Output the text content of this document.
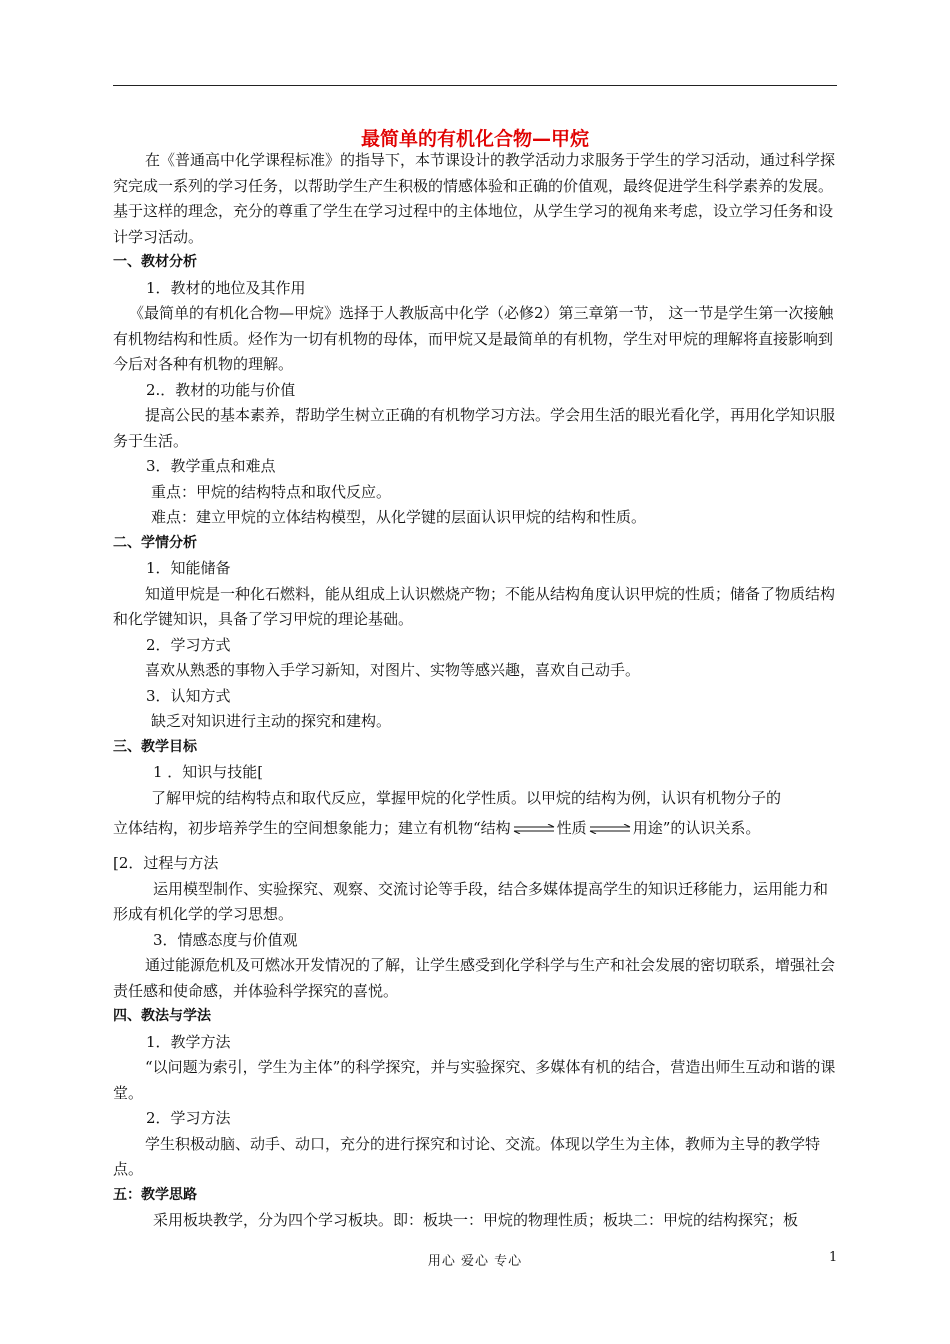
最简单的有机化合物—甲烷

在《普通高中化学课程标准》的指导下，本节课设计的教学活动力求服务于学生的学习活动，通过科学探究完成一系列的学习任务，以帮助学生产生积极的情感体验和正确的价值观，最终促进学生科学素养的发展。基于这样的理念，充分的尊重了学生在学习过程中的主体地位，从学生学习的视角来考虑，设立学习任务和设计学习活动。

一、教材分析

1．教材的地位及其作用

《最简单的有机化合物—甲烷》选择于人教版高中化学（必修2）第三章第一节， 这一节是学生第一次接触有机物结构和性质。烃作为一切有机物的母体，而甲烷又是最简单的有机物，学生对甲烷的理解将直接影响到今后对各种有机物的理解。

2.．教材的功能与价值

提高公民的基本素养，帮助学生树立正确的有机物学习方法。学会用生活的眼光看化学，再用化学知识服务于生活。

3．教学重点和难点

重点：甲烷的结构特点和取代反应。

难点：建立甲烷的立体结构模型，从化学键的层面认识甲烷的结构和性质。

二、学情分析

1．知能储备

知道甲烷是一种化石燃料，能从组成上认识燃烧产物；不能从结构角度认识甲烷的性质；储备了物质结构和化学键知识，具备了学习甲烷的理论基础。

2．学习方式

喜欢从熟悉的事物入手学习新知，对图片、实物等感兴趣，喜欢自己动手。

3．认知方式

缺乏对知识进行主动的探究和建构。

三、教学目标

1 ．知识与技能[

了解甲烷的结构特点和取代反应，掌握甲烷的化学性质。以甲烷的结构为例，认识有机物分子的

立体结构，初步培养学生的空间想象能力；建立有机物“结构⇌性质⇌用途”的认识关系。

[2．过程与方法

运用模型制作、实验探究、观察、交流讨论等手段，结合多媒体提高学生的知识迁移能力，运用能力和形成有机化学的学习思想。

3．情感态度与价值观

通过能源危机及可燃冰开发情况的了解，让学生感受到化学科学与生产和社会发展的密切联系，增强社会责任感和使命感，并体验科学探究的喜悦。

四、教法与学法

1．教学方法

“以问题为索引，学生为主体”的科学探究，并与实验探究、多媒体有机的结合，营造出师生互动和谐的课堂。

2．学习方法

学生积极动脑、动手、动口，充分的进行探究和讨论、交流。体现以学生为主体，教师为主导的教学特点。

五：教学思路

采用板块教学，分为四个学习板块。即：板块一：甲烷的物理性质；板块二：甲烷的结构探究；板

用心 爱心 专心	1
